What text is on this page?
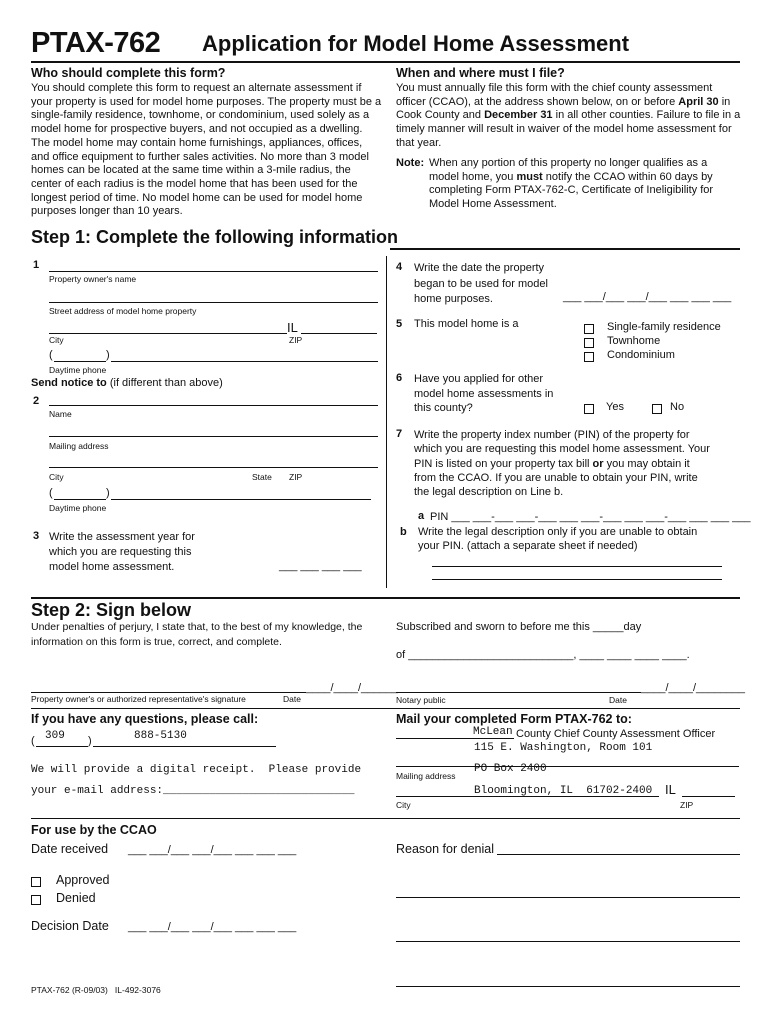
PTAX-762 Application for Model Home Assessment
Who should complete this form?
You should complete this form to request an alternate assessment if your property is used for model home purposes. The property must be a single-family residence, townhome, or condominium, used solely as a model home for prospective buyers, and not occupied as a dwelling. The model home may contain home furnishings, appliances, offices, and office equipment to further sales activities. No more than 3 model homes can be located at the same time within a 3-mile radius, the center of each radius is the model home that has been used for the longest period of time. No model home can be used for model home purposes longer than 10 years.
When and where must I file?
You must annually file this form with the chief county assessment officer (CCAO), at the address shown below, on or before April 30 in Cook County and December 31 in all other counties. Failure to file in a timely manner will result in waiver of the model home assessment for that year.
Note: When any portion of this property no longer qualifies as a model home, you must notify the CCAO within 60 days by completing Form PTAX-762-C, Certificate of Ineligibility for Model Home Assessment.
Step 1: Complete the following information
1
Property owner's name
Street address of model home property
IL
City	ZIP
(	)
Daytime phone
Send notice to (if different than above)
2
Name
Mailing address
City	State ZIP
(	)
Daytime phone
3 Write the assessment year for which you are requesting this model home assessment.	___ ___ ___ ___
4 Write the date the property began to be used for model home purposes.	___ ___/___ ___/___ ___ ___ ___
5 This model home is a	Single-family residence
Townhome
Condominium
6 Have you applied for other model home assessments in this county?	Yes	No
7 Write the property index number (PIN) of the property for which you are requesting this model home assessment. Your PIN is listed on your property tax bill or you may obtain it from the CCAO. If you are unable to obtain your PIN, write the legal description on Line b.
a PIN ___ ___-___ ___-___ ___ ___-___ ___ ___-___ ___ ___ ___
b Write the legal description only if you are unable to obtain your PIN. (attach a separate sheet if needed)
Step 2: Sign below
Under penalties of perjury, I state that, to the best of my knowledge, the information on this form is true, correct, and complete.
Subscribed and sworn to before me this _____day
of ___________________________, ____ ____ ____ ____.
____/____/______
Property owner's or authorized representative's signature	Date
____/____/________
Notary public	Date
If you have any questions, please call:
( 309 )	888-5130
We will provide a digital receipt.  Please provide
your e-mail address:_____________________________
Mail your completed Form PTAX-762 to:
McLean County Chief County Assessment Officer
115 E. Washington, Room 101
PO Box 2400
Mailing address
Bloomington, IL  61702-2400 IL
City	ZIP
For use by the CCAO
Date received ___ ___/___ ___/___ ___ ___ ___
Approved
Denied
Decision Date ___ ___/___ ___/___ ___ ___ ___
Reason for denial
PTAX-762 (R-09/03)   IL-492-3076
